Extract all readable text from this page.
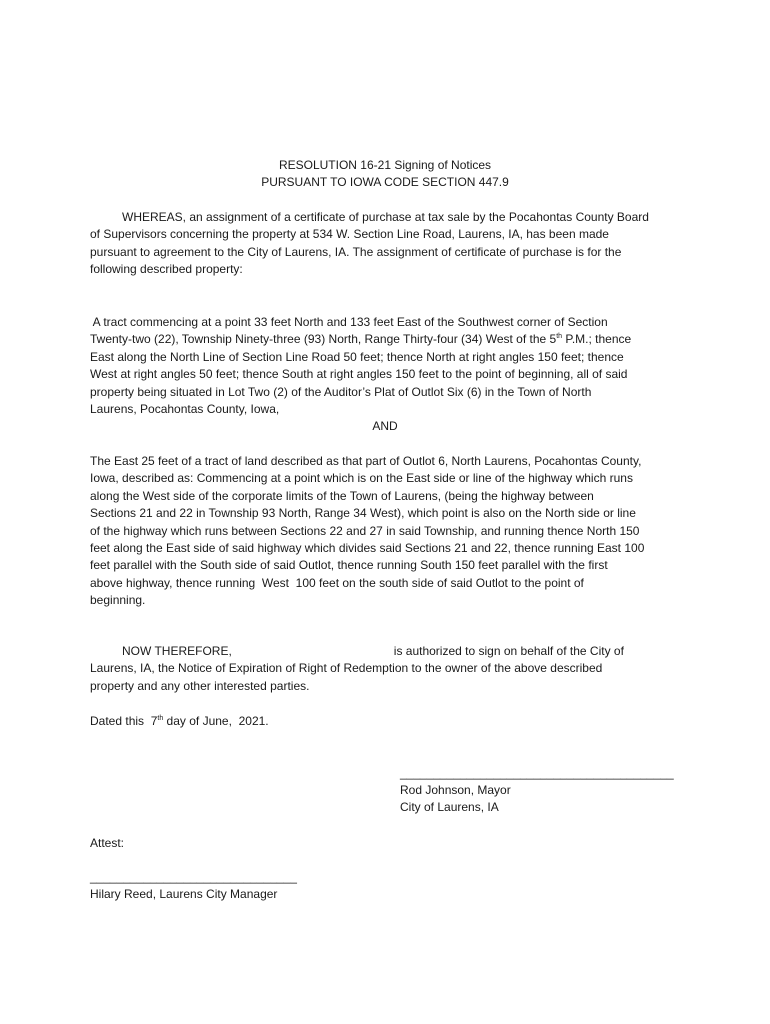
RESOLUTION 16-21 Signing of Notices
PURSUANT TO IOWA CODE SECTION 447.9
WHEREAS, an assignment of a certificate of purchase at tax sale by the Pocahontas County Board
of Supervisors concerning the property at 534 W. Section Line Road, Laurens, IA, has been made
pursuant to agreement to the City of Laurens, IA. The assignment of certificate of purchase is for the
following described property:
A tract commencing at a point 33 feet North and 133 feet East of the Southwest corner of Section
Twenty-two (22), Township Ninety-three (93) North, Range Thirty-four (34) West of the 5th P.M.; thence
East along the North Line of Section Line Road 50 feet; thence North at right angles 150 feet; thence
West at right angles 50 feet; thence South at right angles 150 feet to the point of beginning, all of said
property being situated in Lot Two (2) of the Auditor’s Plat of Outlot Six (6) in the Town of North
Laurens, Pocahontas County, Iowa,
AND
The East 25 feet of a tract of land described as that part of Outlot 6, North Laurens, Pocahontas County,
Iowa, described as: Commencing at a point which is on the East side or line of the highway which runs
along the West side of the corporate limits of the Town of Laurens, (being the highway between
Sections 21 and 22 in Township 93 North, Range 34 West), which point is also on the North side or line
of the highway which runs between Sections 22 and 27 in said Township, and running thence North 150
feet along the East side of said highway which divides said Sections 21 and 22, thence running East 100
feet parallel with the South side of said Outlot, thence running South 150 feet parallel with the first
above highway, thence running  West  100 feet on the south side of said Outlot to the point of
beginning.
NOW THEREFORE,	is authorized to sign on behalf of the City of
Laurens, IA, the Notice of Expiration of Right of Redemption to the owner of the above described
property and any other interested parties.
Dated this  7th day of June,  2021.
_________________________________________
Rod Johnson, Mayor
City of Laurens, IA
Attest:
_______________________________
Hilary Reed, Laurens City Manager
